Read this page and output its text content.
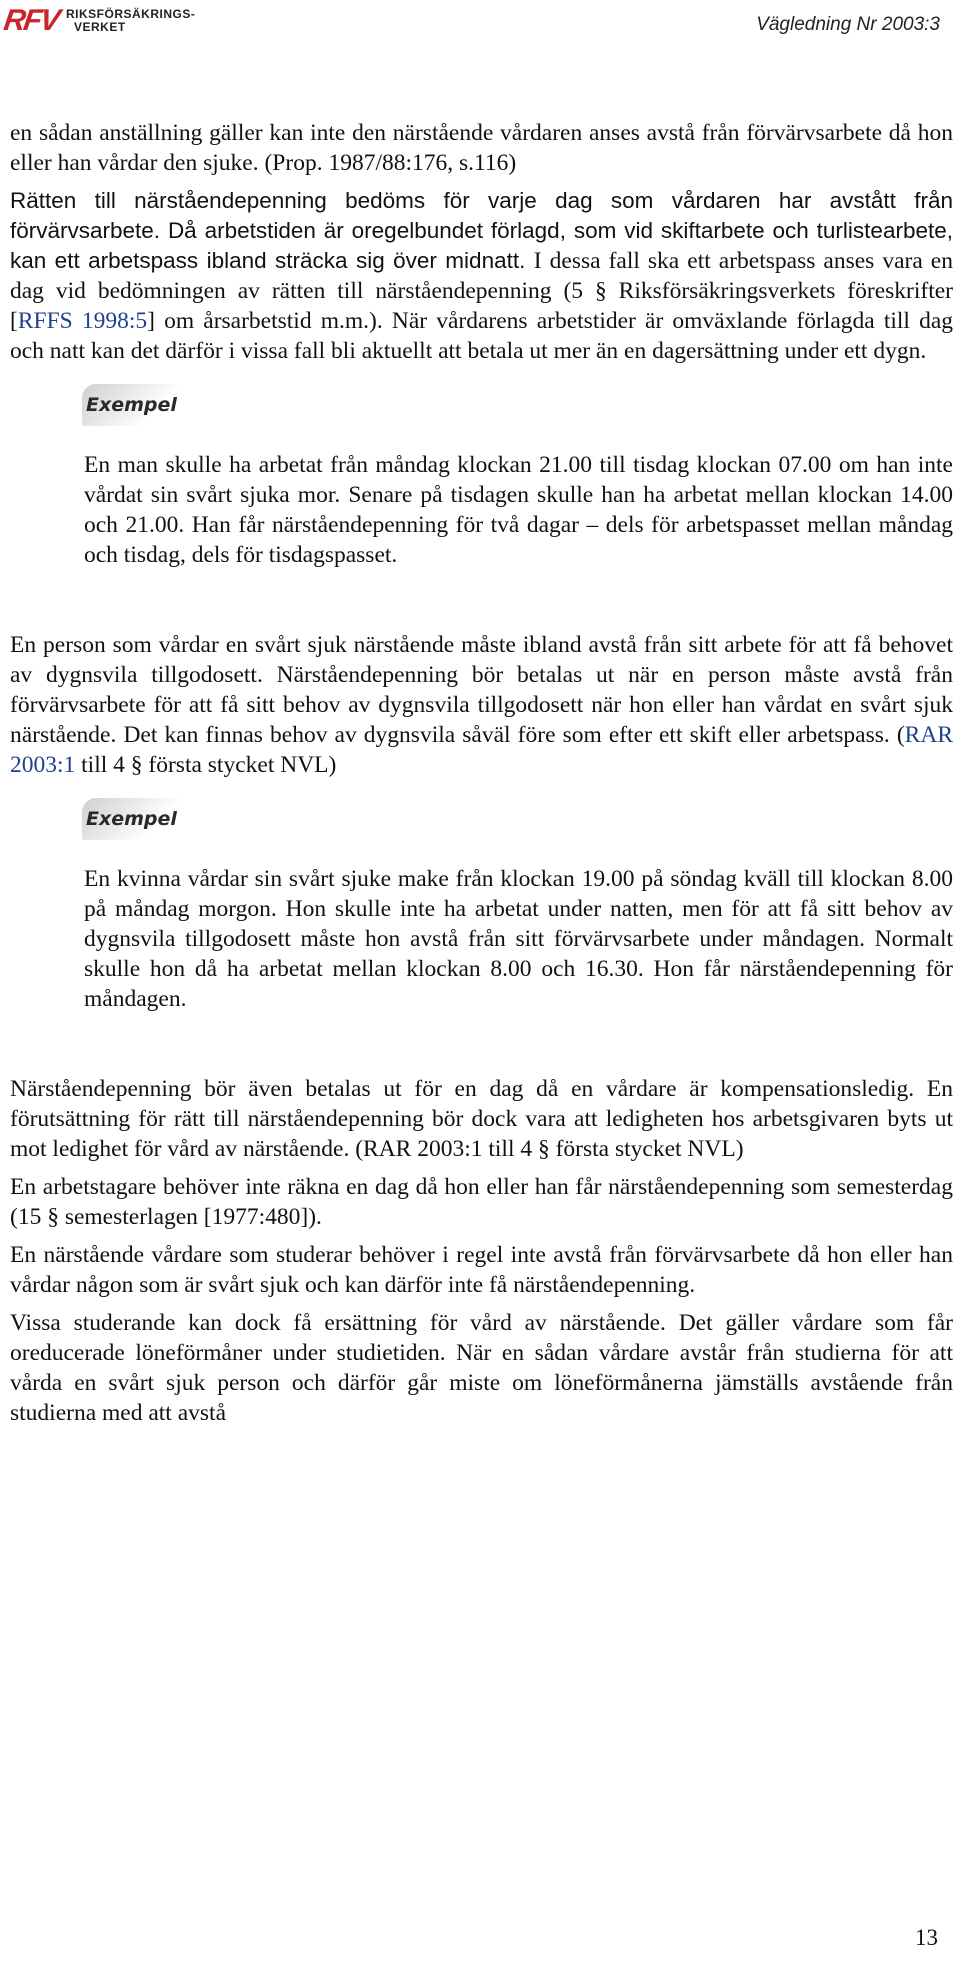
RFV RIKSFÖRSÄKRINGS-
VERKET	Vägledning Nr 2003:3

en sådan anställning gäller kan inte den närstående vårdaren anses avstå från förvärvsarbete då hon eller han vårdar den sjuke. (Prop. 1987/88:176, s.116)

Rätten till närståendepenning bedöms för varje dag som vårdaren har avstått från förvärvsarbete. Då arbetstiden är oregelbundet förlagd, som vid skiftarbete och turlistearbete, kan ett arbetspass ibland sträcka sig över midnatt. I dessa fall ska ett arbetspass anses vara en dag vid bedömningen av rätten till närståendepenning (5 § Riksförsäkringsverkets föreskrifter [RFFS 1998:5] om årsarbetstid m.m.). När vårdarens arbetstider är omväxlande förlagda till dag och natt kan det därför i vissa fall bli aktuellt att betala ut mer än en dagersättning under ett dygn.

Exempel

En man skulle ha arbetat från måndag klockan 21.00 till tisdag klockan 07.00 om han inte vårdat sin svårt sjuka mor. Senare på tisdagen skulle han ha arbetat mellan klockan 14.00 och 21.00. Han får närståendepenning för två dagar – dels för arbetspasset mellan måndag och tisdag, dels för tisdagspasset.

En person som vårdar en svårt sjuk närstående måste ibland avstå från sitt arbete för att få behovet av dygnsvila tillgodosett. Närståendepenning bör betalas ut när en person måste avstå från förvärvsarbete för att få sitt behov av dygnsvila tillgodosett när hon eller han vårdat en svårt sjuk närstående. Det kan finnas behov av dygnsvila såväl före som efter ett skift eller arbetspass. (RAR 2003:1 till 4 § första stycket NVL)

Exempel

En kvinna vårdar sin svårt sjuke make från klockan 19.00 på söndag kväll till klockan 8.00 på måndag morgon. Hon skulle inte ha arbetat under natten, men för att få sitt behov av dygnsvila tillgodosett måste hon avstå från sitt förvärvsarbete under måndagen. Normalt skulle hon då ha arbetat mellan klockan 8.00 och 16.30. Hon får närståendepenning för måndagen.

Närståendepenning bör även betalas ut för en dag då en vårdare är kompensationsledig. En förutsättning för rätt till närståendepenning bör dock vara att ledigheten hos arbetsgivaren byts ut mot ledighet för vård av närstående. (RAR 2003:1 till 4 § första stycket NVL)

En arbetstagare behöver inte räkna en dag då hon eller han får närståendepenning som semesterdag (15 § semesterlagen [1977:480]).

En närstående vårdare som studerar behöver i regel inte avstå från förvärvsarbete då hon eller han vårdar någon som är svårt sjuk och kan därför inte få närståendepenning.

Vissa studerande kan dock få ersättning för vård av närstående. Det gäller vårdare som får oreducerade löneförmåner under studietiden. När en sådan vårdare avstår från studierna för att vårda en svårt sjuk person och därför går miste om löneförmånerna jämställs avstående från studierna med att avstå

13
